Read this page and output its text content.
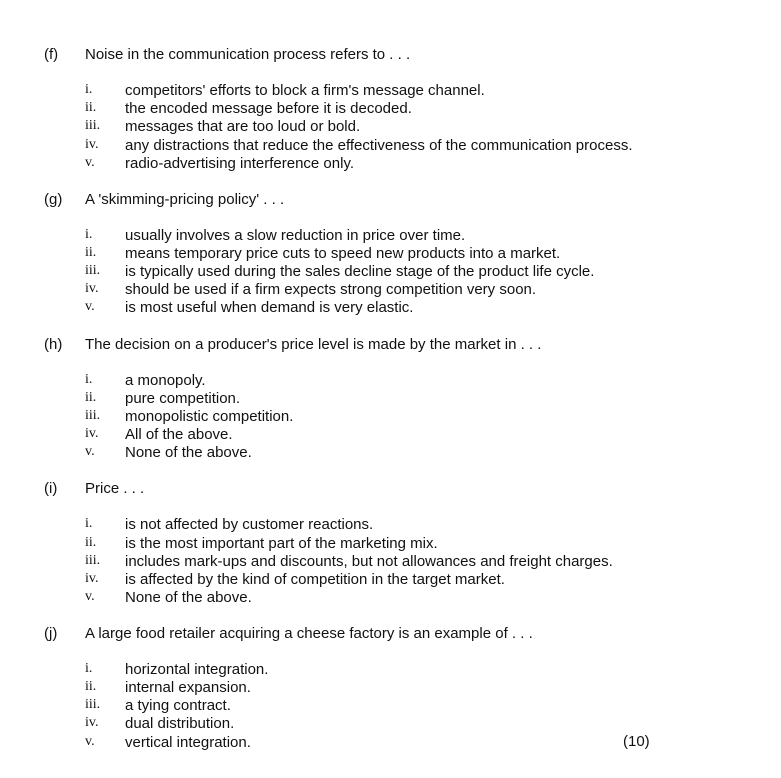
(f) Noise in the communication process refers to . . .
i. competitors' efforts to block a firm's message channel.
ii. the encoded message before it is decoded.
iii. messages that are too loud or bold.
iv. any distractions that reduce the effectiveness of the communication process.
v. radio-advertising interference only.
(g) A 'skimming-pricing policy' . . .
i. usually involves a slow reduction in price over time.
ii. means temporary price cuts to speed new products into a market.
iii. is typically used during the sales decline stage of the product life cycle.
iv. should be used if a firm expects strong competition very soon.
v. is most useful when demand is very elastic.
(h) The decision on a producer's price level is made by the market in . . .
i. a monopoly.
ii. pure competition.
iii. monopolistic competition.
iv. All of the above.
v. None of the above.
(i) Price . . .
i. is not affected by customer reactions.
ii. is the most important part of the marketing mix.
iii. includes mark-ups and discounts, but not allowances and freight charges.
iv. is affected by the kind of competition in the target market.
v. None of the above.
(j) A large food retailer acquiring a cheese factory is an example of . . .
i. horizontal integration.
ii. internal expansion.
iii. a tying contract.
iv. dual distribution.
v. vertical integration.	(10)
